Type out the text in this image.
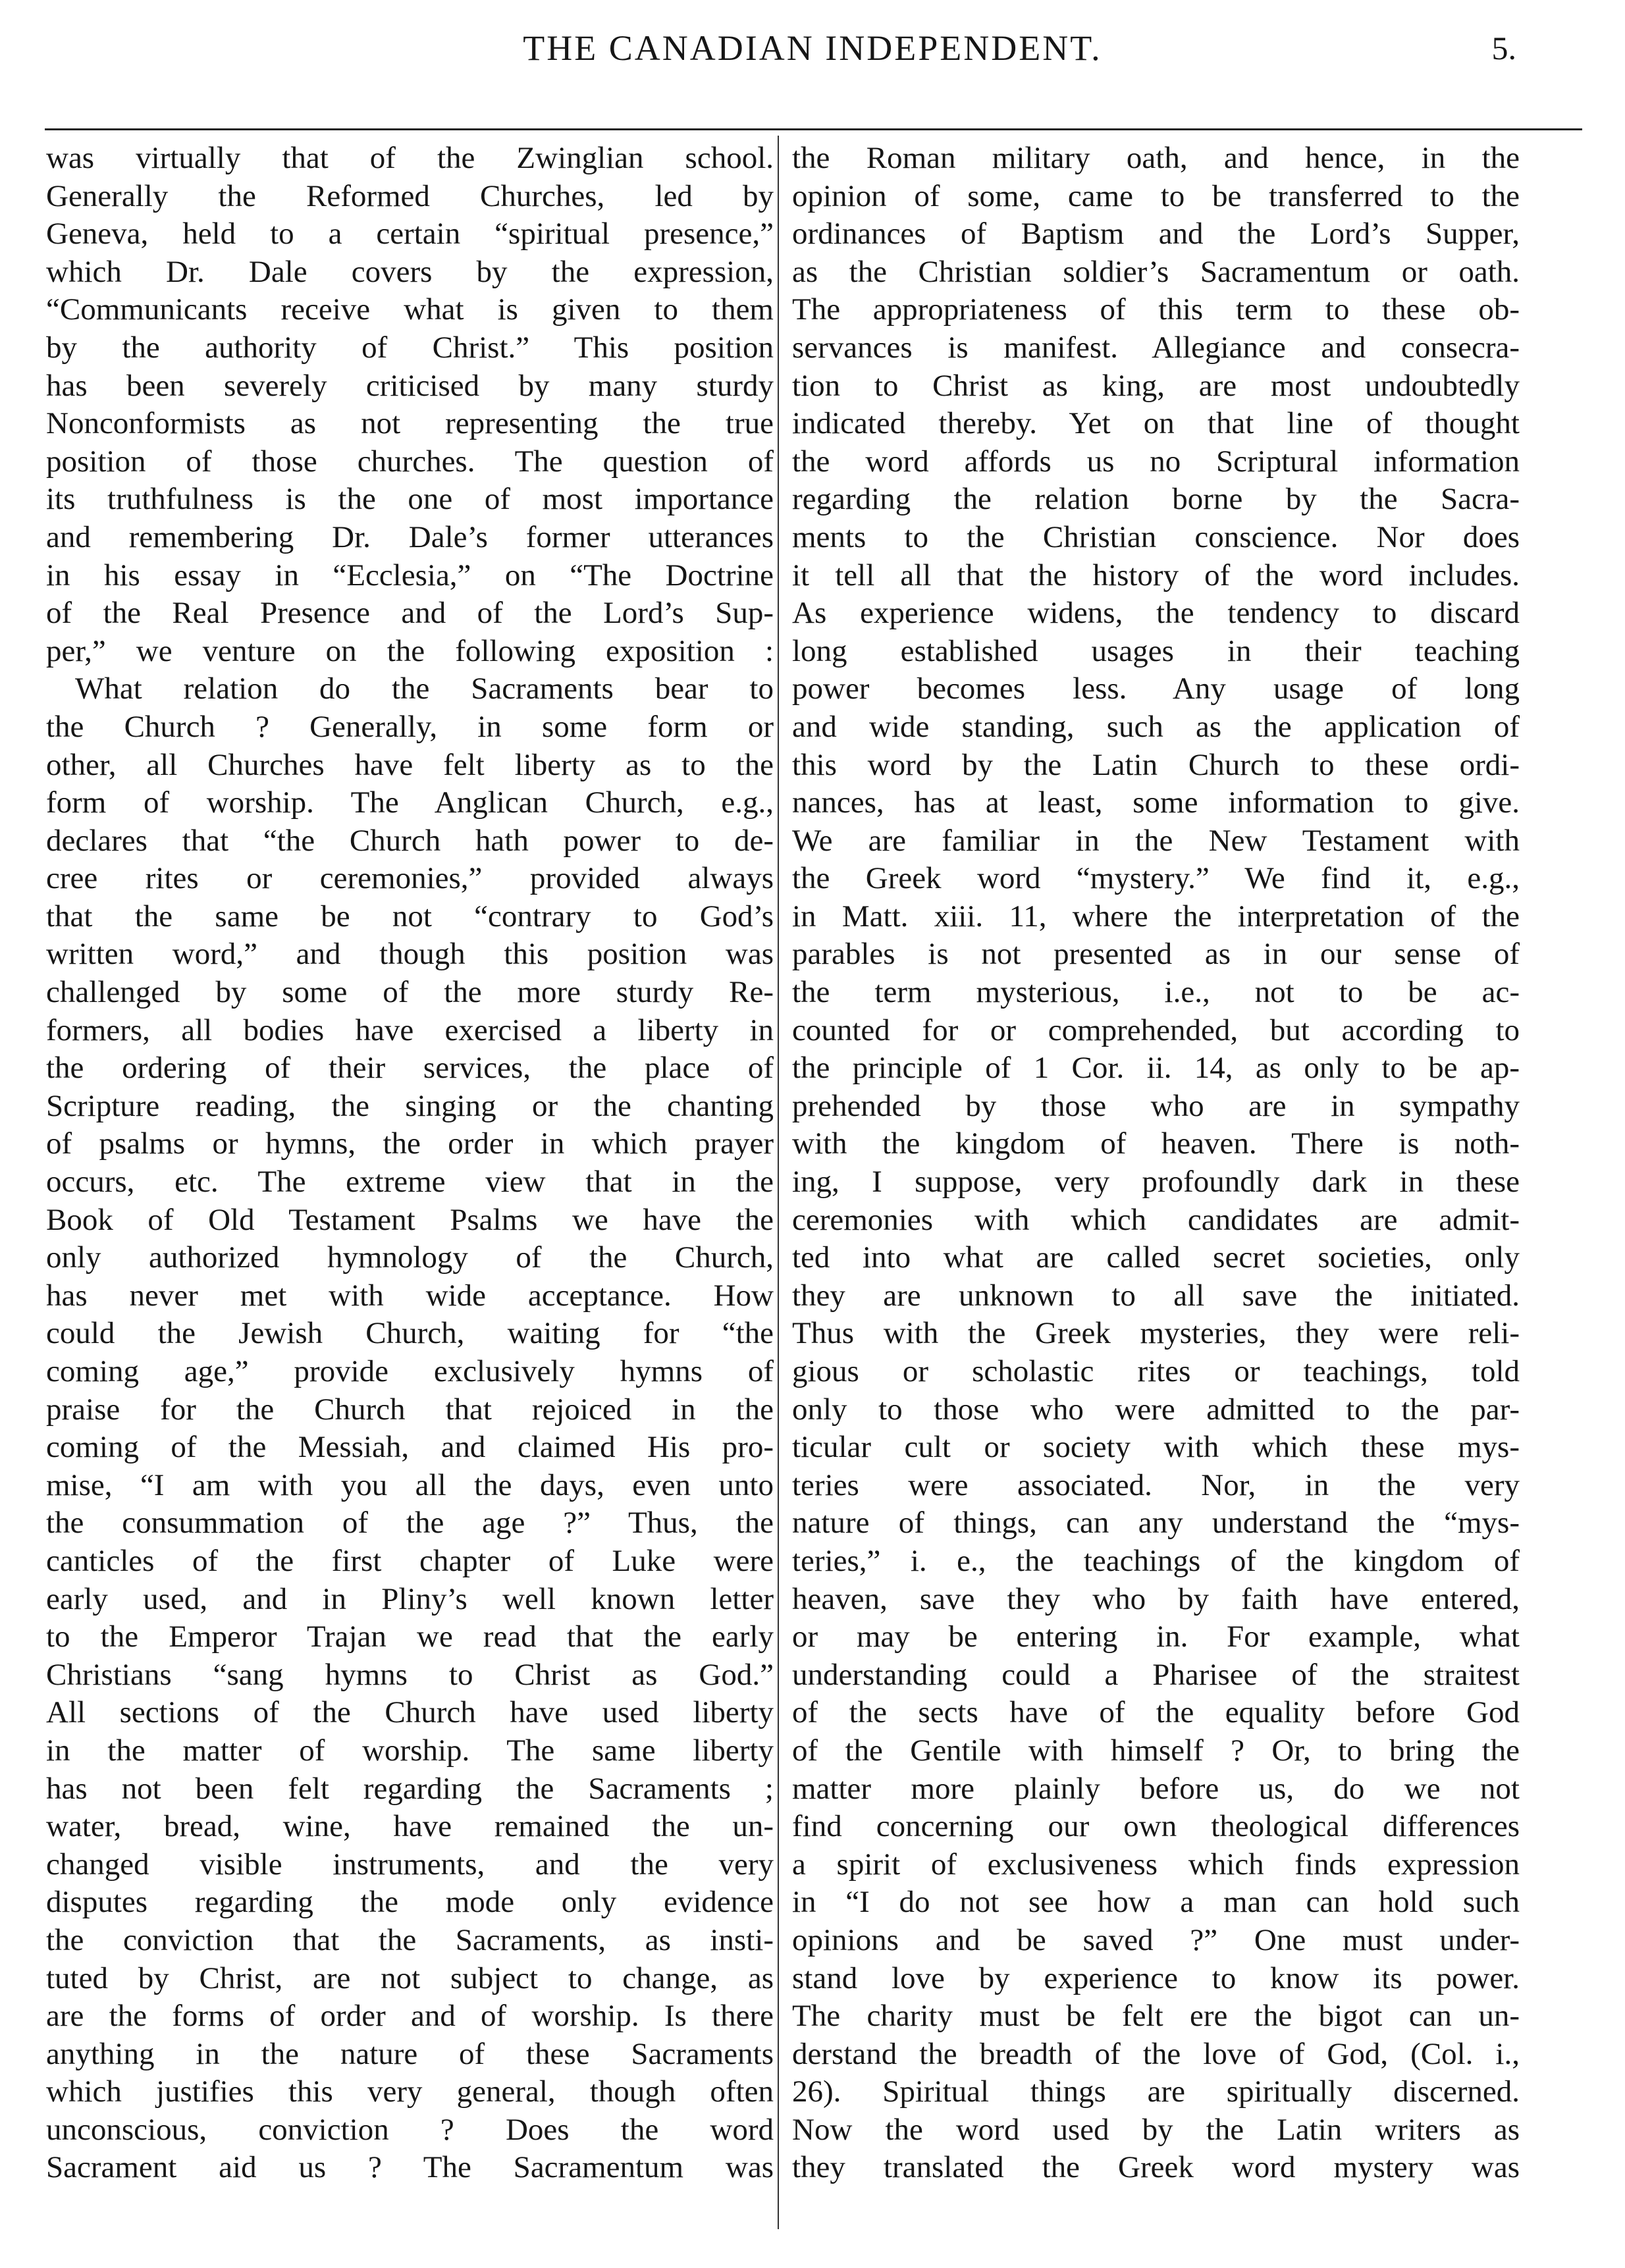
THE CANADIAN INDEPENDENT.	5.
was virtually that of the Zwinglian school.
Generally the Reformed Churches, led by
Geneva, held to a certain “spiritual presence,”
which Dr. Dale covers by the expression,
“Communicants receive what is given to them
by the authority of Christ.” This position
has been severely criticised by many sturdy
Nonconformists as not representing the true
position of those churches. The question of
its truthfulness is the one of most importance
and remembering Dr. Dale’s former utterances
in his essay in “Ecclesia,” on “The Doctrine
of the Real Presence and of the Lord’s Sup-
per,” we venture on the following exposition :
What relation do the Sacraments bear to
the Church ? Generally, in some form or
other, all Churches have felt liberty as to the
form of worship. The Anglican Church, e.g.,
declares that “the Church hath power to de-
cree rites or ceremonies,” provided always
that the same be not “contrary to God’s
written word,” and though this position was
challenged by some of the more sturdy Re-
formers, all bodies have exercised a liberty in
the ordering of their services, the place of
Scripture reading, the singing or the chanting
of psalms or hymns, the order in which prayer
occurs, etc. The extreme view that in the
Book of Old Testament Psalms we have the
only authorized hymnology of the Church,
has never met with wide acceptance. How
could the Jewish Church, waiting for “the
coming age,” provide exclusively hymns of
praise for the Church that rejoiced in the
coming of the Messiah, and claimed His pro-
mise, “I am with you all the days, even unto
the consummation of the age ?” Thus, the
canticles of the first chapter of Luke were
early used, and in Pliny’s well known letter
to the Emperor Trajan we read that the early
Christians “sang hymns to Christ as God.”
All sections of the Church have used liberty
in the matter of worship. The same liberty
has not been felt regarding the Sacraments ;
water, bread, wine, have remained the un-
changed visible instruments, and the very
disputes regarding the mode only evidence
the conviction that the Sacraments, as insti-
tuted by Christ, are not subject to change, as
are the forms of order and of worship. Is there
anything in the nature of these Sacraments
which justifies this very general, though often
unconscious, conviction ? Does the word
Sacrament aid us ? The Sacramentum was
the Roman military oath, and hence, in the
opinion of some, came to be transferred to the
ordinances of Baptism and the Lord’s Supper,
as the Christian soldier’s Sacramentum or oath.
The appropriateness of this term to these ob-
servances is manifest. Allegiance and consecra-
tion to Christ as king, are most undoubtedly
indicated thereby. Yet on that line of thought
the word affords us no Scriptural information
regarding the relation borne by the Sacra-
ments to the Christian conscience. Nor does
it tell all that the history of the word includes.
As experience widens, the tendency to discard
long established usages in their teaching
power becomes less. Any usage of long
and wide standing, such as the application of
this word by the Latin Church to these ordi-
nances, has at least, some information to give.
We are familiar in the New Testament with
the Greek word “mystery.” We find it, e.g.,
in Matt. xiii. 11, where the interpretation of the
parables is not presented as in our sense of
the term mysterious, i.e., not to be ac-
counted for or comprehended, but according to
the principle of 1 Cor. ii. 14, as only to be ap-
prehended by those who are in sympathy
with the kingdom of heaven. There is noth-
ing, I suppose, very profoundly dark in these
ceremonies with which candidates are admit-
ted into what are called secret societies, only
they are unknown to all save the initiated.
Thus with the Greek mysteries, they were reli-
gious or scholastic rites or teachings, told
only to those who were admitted to the par-
ticular cult or society with which these mys-
teries were associated. Nor, in the very
nature of things, can any understand the “mys-
teries,” i. e., the teachings of the kingdom of
heaven, save they who by faith have entered,
or may be entering in. For example, what
understanding could a Pharisee of the straitest
of the sects have of the equality before God
of the Gentile with himself ? Or, to bring the
matter more plainly before us, do we not
find concerning our own theological differences
a spirit of exclusiveness which finds expression
in “I do not see how a man can hold such
opinions and be saved ?” One must under-
stand love by experience to know its power.
The charity must be felt ere the bigot can un-
derstand the breadth of the love of God, (Col. i.,
26). Spiritual things are spiritually discerned.
Now the word used by the Latin writers as
they translated the Greek word mystery was
